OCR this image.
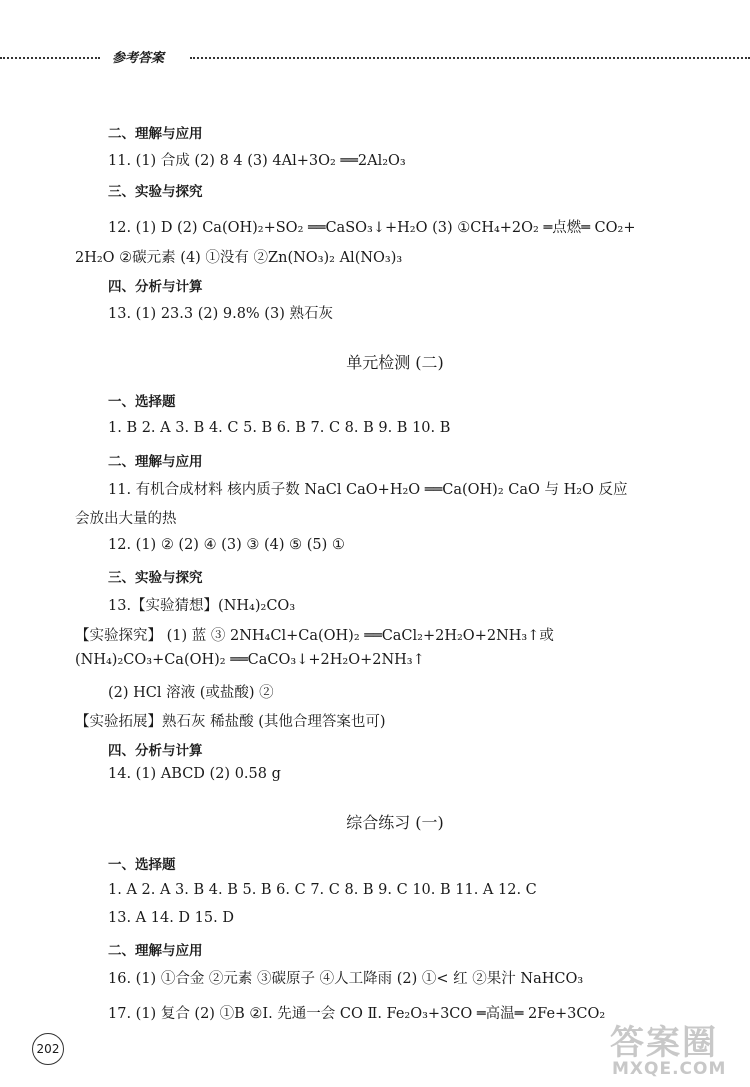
参考答案
二、理解与应用
11. (1) 合成 (2) 8 4 (3) 4Al+3O₂ ══2Al₂O₃
三、实验与探究
12. (1) D (2) Ca(OH)₂+SO₂ ══CaSO₃↓+H₂O (3) ①CH₄+2O₂ ═点燃═ CO₂+
2H₂O ②碳元素 (4) ①没有 ②Zn(NO₃)₂ Al(NO₃)₃
四、分析与计算
13. (1) 23.3 (2) 9.8% (3) 熟石灰
单元检测 (二)
一、选择题
1. B 2. A 3. B 4. C 5. B 6. B 7. C 8. B 9. B 10. B
二、理解与应用
11. 有机合成材料 核内质子数 NaCl CaO+H₂O ══Ca(OH)₂ CaO 与 H₂O 反应
会放出大量的热
12. (1) ② (2) ④ (3) ③ (4) ⑤ (5) ①
三、实验与探究
13.【实验猜想】(NH₄)₂CO₃
【实验探究】 (1) 蓝 ③ 2NH₄Cl+Ca(OH)₂ ══CaCl₂+2H₂O+2NH₃↑或
(NH₄)₂CO₃+Ca(OH)₂ ══CaCO₃↓+2H₂O+2NH₃↑
(2) HCl 溶液 (或盐酸) ②
【实验拓展】熟石灰 稀盐酸 (其他合理答案也可)
四、分析与计算
14. (1) ABCD (2) 0.58 g
综合练习 (一)
一、选择题
1. A 2. A 3. B 4. B 5. B 6. C 7. C 8. B 9. C 10. B 11. A 12. C
13. A 14. D 15. D
二、理解与应用
16. (1) ①合金 ②元素 ③碳原子 ④人工降雨 (2) ①< 红 ②果汁 NaHCO₃
17. (1) 复合 (2) ①B ②Ⅰ. 先通一会 CO Ⅱ. Fe₂O₃+3CO ═高温═ 2Fe+3CO₂
202	答案圈
MXQE.COM
